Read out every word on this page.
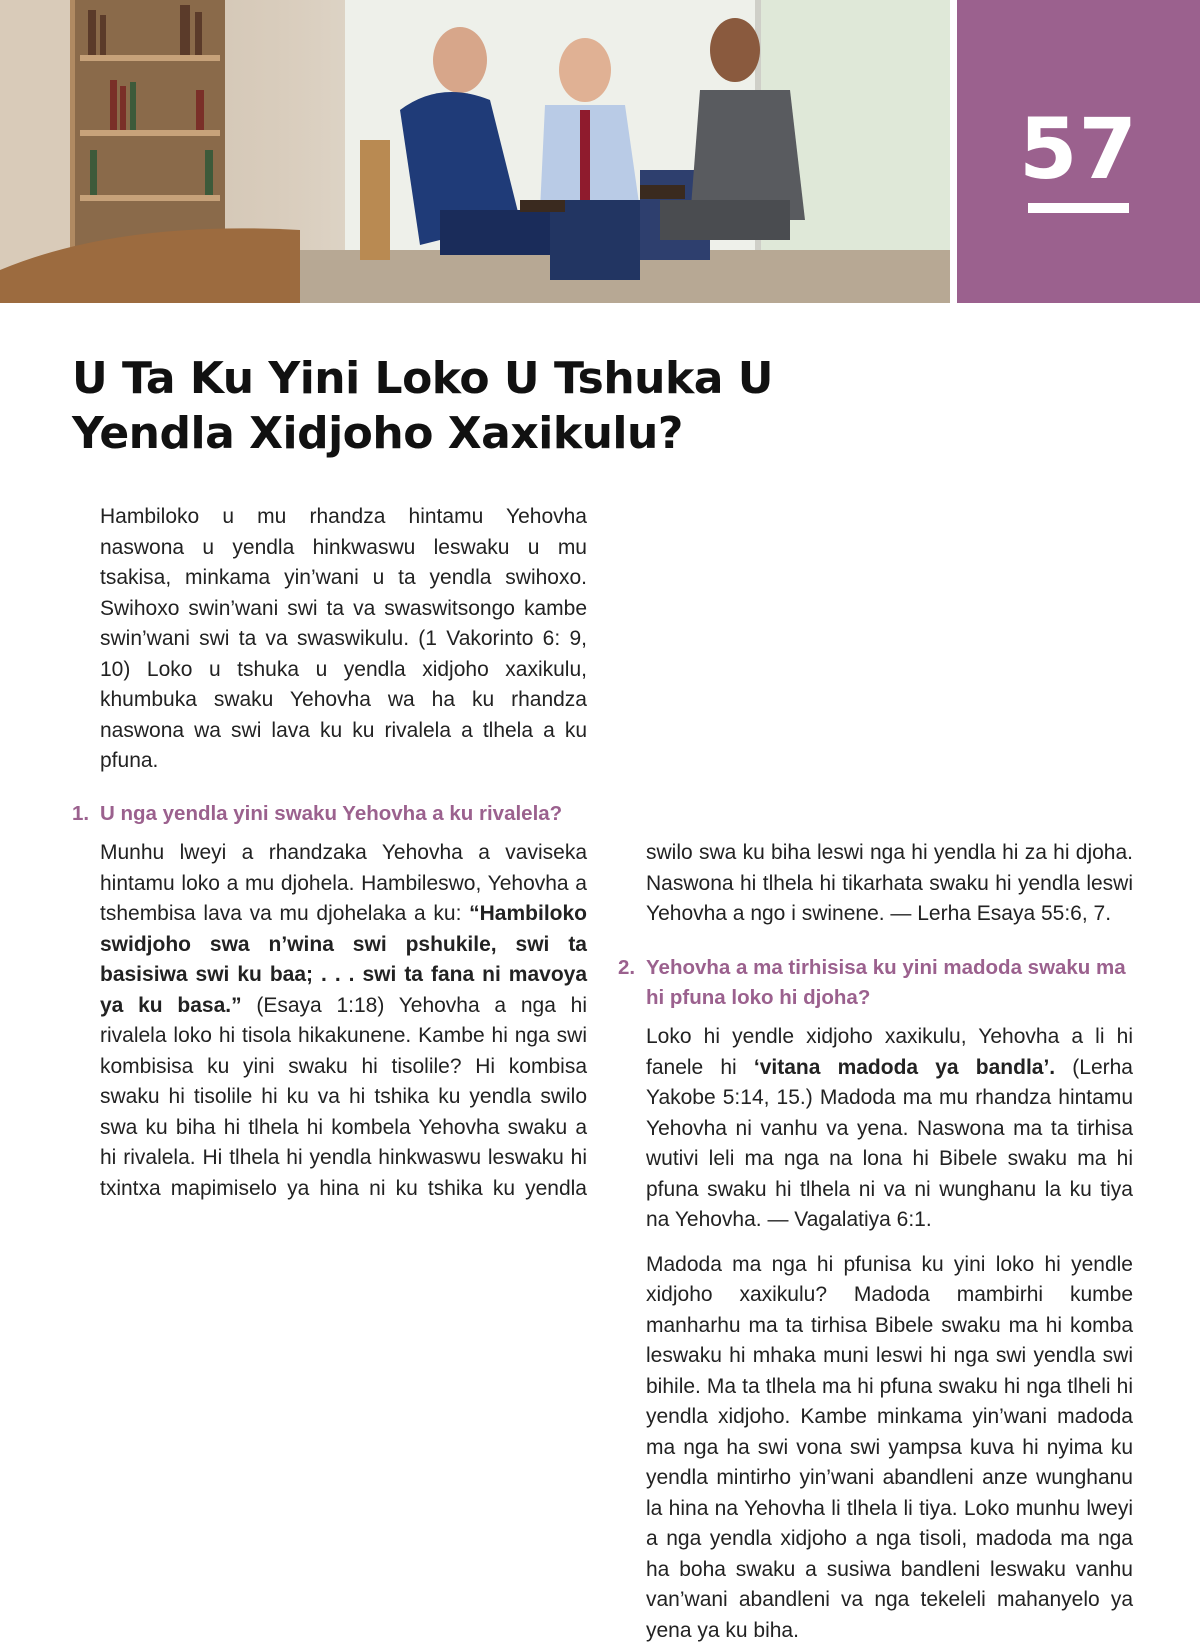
57
U Ta Ku Yini Loko U Tshuka U
Yendla Xidjoho Xaxikulu?

Hambiloko u mu rhandza hintamu Yehovha naswona u yendla hinkwaswu leswaku u mu tsakisa, minkama yin’wani u ta yendla swihoxo. Swihoxo swin’wani swi ta va swaswitsongo kambe swin’wani swi ta va swaswikulu. (1 Vakorinto 6: 9, 10) Loko u tshuka u yendla xidjoho xaxikulu, khumbuka swaku Yehovha wa ha ku rhandza naswona wa swi lava ku ku rivalela a tlhela a ku pfuna.

1. U nga yendla yini swaku Yehovha a ku rivalela?

Munhu lweyi a rhandzaka Yehovha a vaviseka hintamu loko a mu djohela. Hambileswo, Yehovha a tshembisa lava va mu djohelaka a ku: “Hambiloko swidjoho swa n’wina swi pshukile, swi ta basisiwa swi ku baa; . . . swi ta fana ni mavoya ya ku basa.” (Esaya 1:18) Yehovha a nga hi rivalela loko hi tisola hikakunene. Kambe hi nga swi kombisisa ku yini swaku hi tisolile? Hi kombisa swaku hi tisolile hi ku va hi tshika ku yendla swilo swa ku biha hi tlhela hi kombela Yehovha swaku a hi rivalela. Hi tlhela hi yendla hinkwaswu leswaku hi txintxa mapimiselo ya hina ni ku tshika ku yendla swilo swa ku biha leswi nga hi yendla hi za hi djoha. Naswona hi tlhela hi tikarhata swaku hi yendla leswi Yehovha a ngo i swinene. — Lerha Esaya 55:6, 7.

2. Yehovha a ma tirhisisa ku yini madoda swaku ma hi pfuna loko hi djoha?

Loko hi yendle xidjoho xaxikulu, Yehovha a li hi fanele hi ‘vitana madoda ya bandla’. (Lerha Yakobe 5:14, 15.) Madoda ma mu rhandza hintamu Yehovha ni vanhu va yena. Naswona ma ta tirhisa wutivi leli ma nga na lona hi Bibele swaku ma hi pfuna swaku hi tlhela ni va ni wunghanu la ku tiya na Yehovha. — Vagalatiya 6:1.

Madoda ma nga hi pfunisa ku yini loko hi yendle xidjoho xaxikulu? Madoda mambirhi kumbe manharhu ma ta tirhisa Bibele swaku ma hi komba leswaku hi mhaka muni leswi hi nga swi yendla swi bihile. Ma ta tlhela ma hi pfuna swaku hi nga tlheli hi yendla xidjoho. Kambe minkama yin’wani madoda ma nga ha swi vona swi yampsa kuva hi nyima ku yendla mintirho yin’wani abandleni anze wunghanu la hina na Yehovha li tlhela li tiya. Loko munhu lweyi a nga yendla xidjoho a nga tisoli, madoda ma nga ha boha swaku a susiwa bandleni leswaku vanhu van’wani abandleni va nga tekeleli mahanyelo ya yena ya ku biha.
